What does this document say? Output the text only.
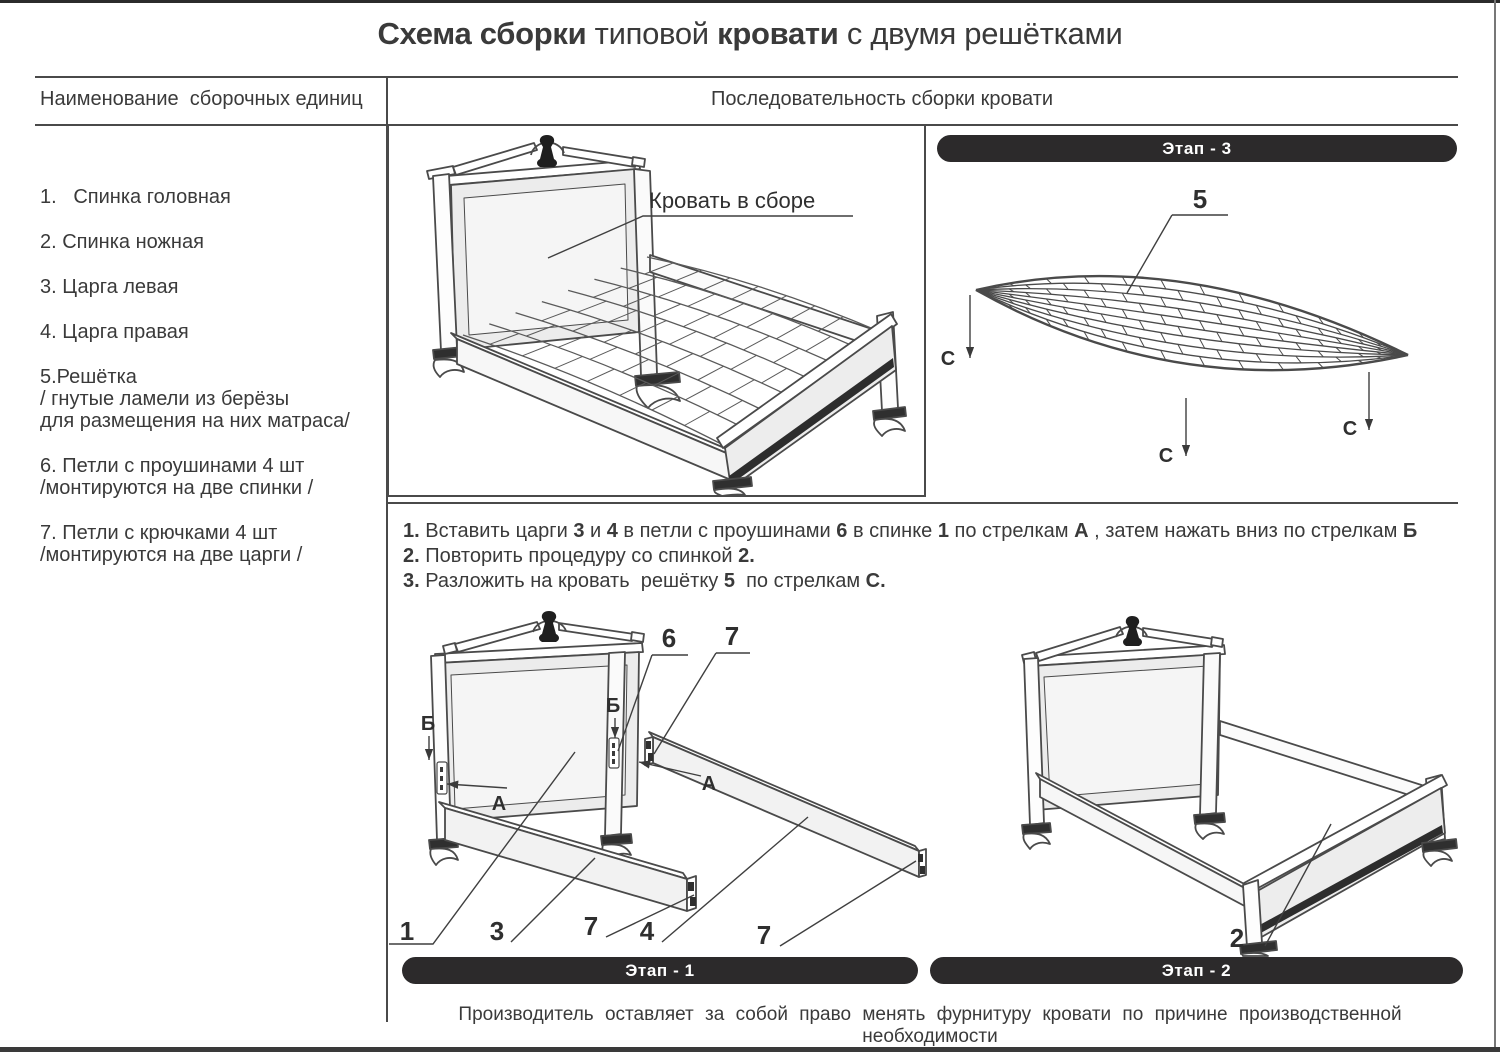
Схема сборки типовой кровати с двумя решётками
Наименование  сборочных единиц	Последовательность сборки кровати
1.   Спинка головная
2. Спинка ножная
3. Царга левая
4. Царга правая
5.Решётка
/ гнутые ламели из берёзы
для размещения на них матраса/
6. Петли с проушинами 4 шт
/монтируются на две спинки /
7. Петли с крючками 4 шт
/монтируются на две царги /
Кровать в сборе
Этап - 3
5
С
С
С
1. Вставить царги 3 и 4 в петли с проушинами 6 в спинке 1 по стрелкам А , затем нажать вниз по стрелкам Б
2. Повторить процедуру со спинкой 2.
3. Разложить на кровать  решётку 5  по стрелкам С.
6 7
Б
Б
А
А
1	3	7 4	7	2
Этап - 1	Этап - 2
Производитель оставляет за собой право менять фурнитуру кровати по причине производственной необходимости
